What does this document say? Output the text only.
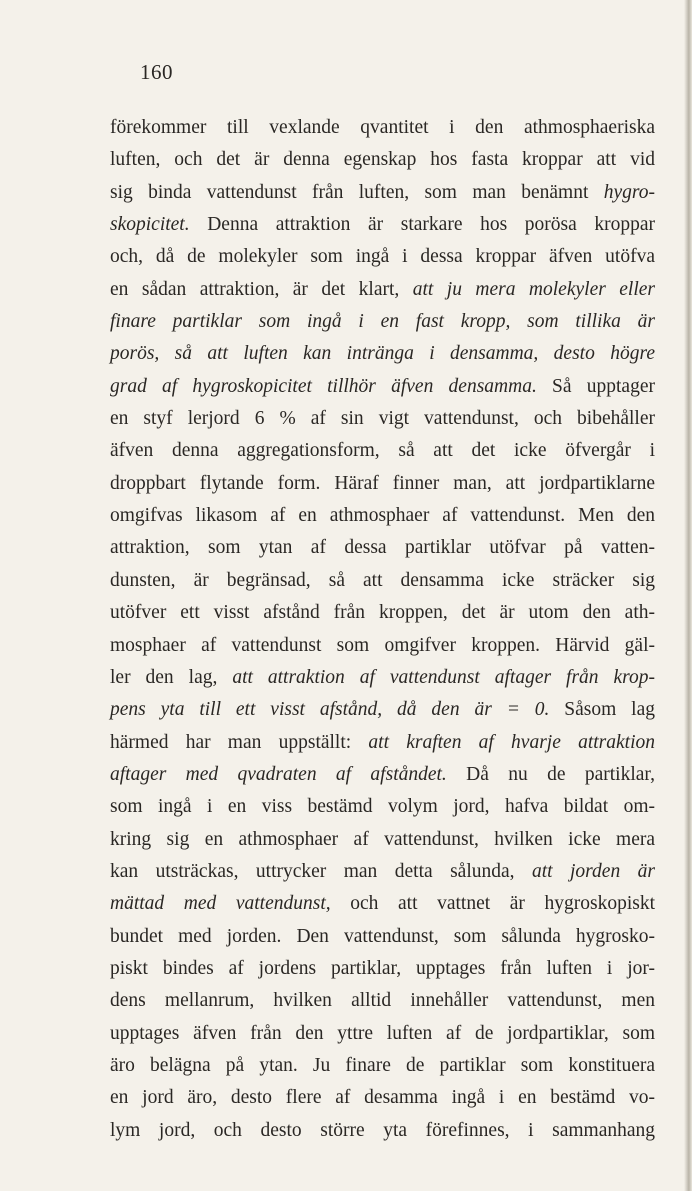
160
förekommer till vexlande qvantitet i den athmosphaeriska
luften, och det är denna egenskap hos fasta kroppar att vid
sig binda vattendunst från luften, som man benämnt hygro-
skopicitet. Denna attraktion är starkare hos porösa kroppar
och, då de molekyler som ingå i dessa kroppar äfven utöfva
en sådan attraktion, är det klart, att ju mera molekyler eller
finare partiklar som ingå i en fast kropp, som tillika är
porös, så att luften kan intränga i densamma, desto högre
grad af hygroskopicitet tillhör äfven densamma. Så upptager
en styf lerjord 6 % af sin vigt vattendunst, och bibehåller
äfven denna aggregationsform, så att det icke öfvergår i
droppbart flytande form. Häraf finner man, att jordpartiklarne
omgifvas likasom af en athmosphaer af vattendunst. Men den
attraktion, som ytan af dessa partiklar utöfvar på vatten-
dunsten, är begränsad, så att densamma icke sträcker sig
utöfver ett visst afstånd från kroppen, det är utom den ath-
mosphaer af vattendunst som omgifver kroppen. Härvid gäl-
ler den lag, att attraktion af vattendunst aftager från krop-
pens yta till ett visst afstånd, då den är = 0. Såsom lag
härmed har man uppställt: att kraften af hvarje attraktion
aftager med qvadraten af afståndet. Då nu de partiklar,
som ingå i en viss bestämd volym jord, hafva bildat om-
kring sig en athmosphaer af vattendunst, hvilken icke mera
kan utsträckas, uttrycker man detta sålunda, att jorden är
mättad med vattendunst, och att vattnet är hygroskopiskt
bundet med jorden. Den vattendunst, som sålunda hygrosko-
piskt bindes af jordens partiklar, upptages från luften i jor-
dens mellanrum, hvilken alltid innehåller vattendunst, men
upptages äfven från den yttre luften af de jordpartiklar, som
äro belägna på ytan. Ju finare de partiklar som konstituera
en jord äro, desto flere af desamma ingå i en bestämd vo-
lym jord, och desto större yta förefinnes, i sammanhang
